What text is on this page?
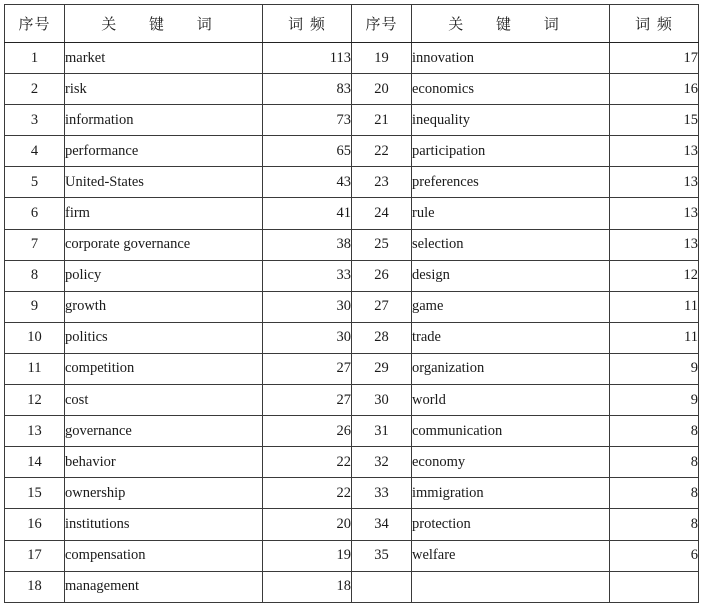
序号	关 键 词	词 频	序号	关 键 词	词 频
1	market	113	19	innovation	17
2	risk	83	20	economics	16
3	information	73	21	inequality	15
4	performance	65	22	participation	13
5	United-States	43	23	preferences	13
6	firm	41	24	rule	13
7	corporate governance	38	25	selection	13
8	policy	33	26	design	12
9	growth	30	27	game	11
10	politics	30	28	trade	11
11	competition	27	29	organization	9
12	cost	27	30	world	9
13	governance	26	31	communication	8
14	behavior	22	32	economy	8
15	ownership	22	33	immigration	8
16	institutions	20	34	protection	8
17	compensation	19	35	welfare	6
18	management	18			
